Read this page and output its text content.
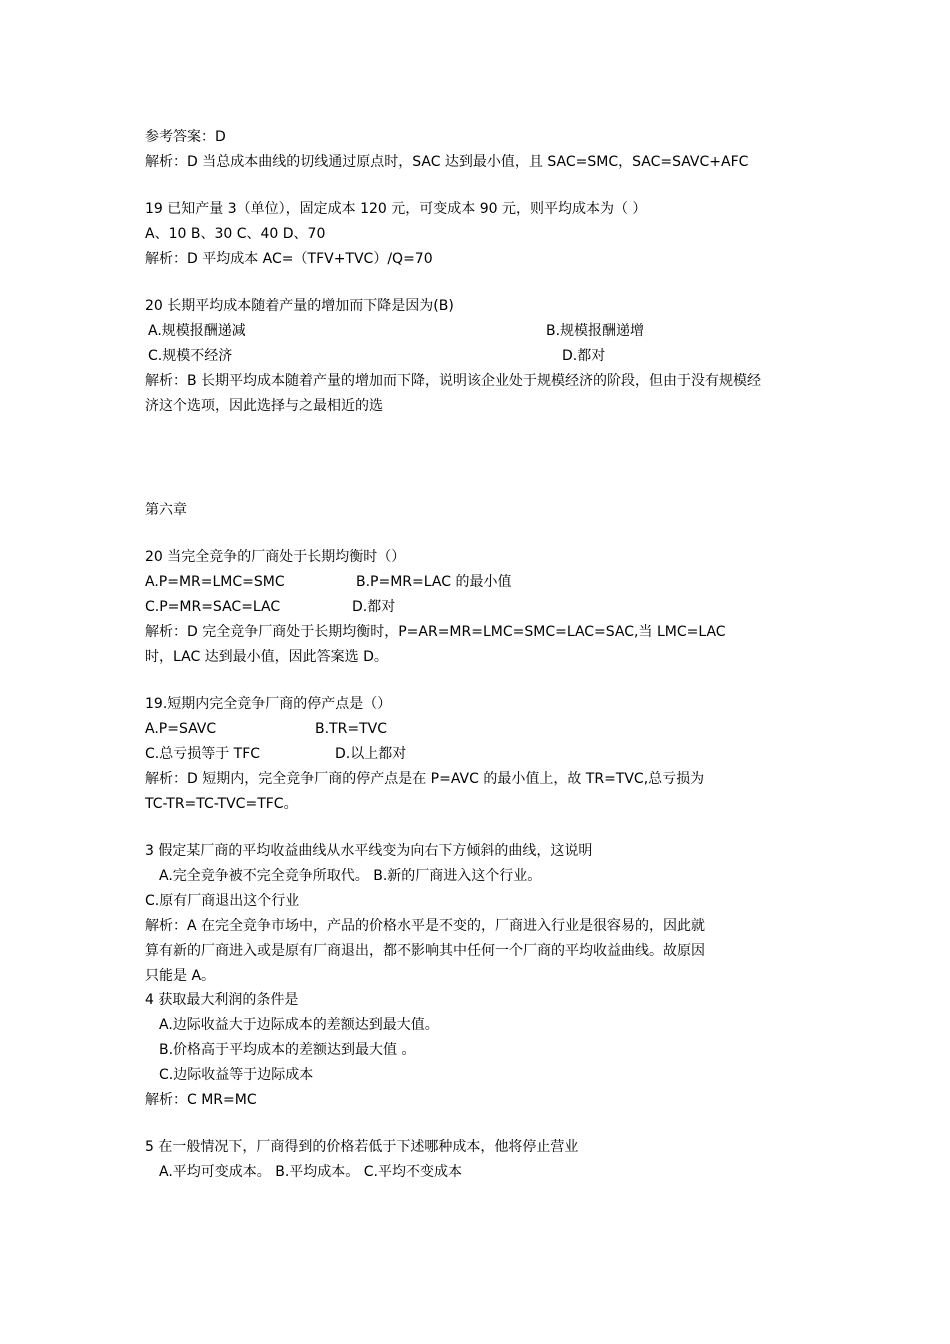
参考答案：D
解析：D 当总成本曲线的切线通过原点时，SAC 达到最小值，且 SAC=SMC，SAC=SAVC+AFC
19 已知产量 3（单位），固定成本 120 元，可变成本 90 元，则平均成本为（ ）
A、10 B、30 C、40 D、70
解析：D 平均成本 AC=（TFV+TVC）/Q=70
20 长期平均成本随着产量的增加而下降是因为(B)
A.规模报酬递减	B.规模报酬递增
C.规模不经济	D.都对
解析：B 长期平均成本随着产量的增加而下降，说明该企业处于规模经济的阶段，但由于没有规模经
济这个选项，因此选择与之最相近的选
第六章
20 当完全竞争的厂商处于长期均衡时（）
A.P=MR=LMC=SMC	B.P=MR=LAC 的最小值
C.P=MR=SAC=LAC	D.都对
解析：D 完全竞争厂商处于长期均衡时，P=AR=MR=LMC=SMC=LAC=SAC,当 LMC=LAC
时，LAC 达到最小值，因此答案选 D。
19.短期内完全竞争厂商的停产点是（）
A.P=SAVC	B.TR=TVC
C.总亏损等于 TFC	D.以上都对
解析：D 短期内，完全竞争厂商的停产点是在 P=AVC 的最小值上，故 TR=TVC,总亏损为
TC-TR=TC-TVC=TFC。
3 假定某厂商的平均收益曲线从水平线变为向右下方倾斜的曲线，这说明
A.完全竞争被不完全竞争所取代。 B.新的厂商进入这个行业。
C.原有厂商退出这个行业
解析：A 在完全竞争市场中，产品的价格水平是不变的，厂商进入行业是很容易的，因此就
算有新的厂商进入或是原有厂商退出，都不影响其中任何一个厂商的平均收益曲线。故原因
只能是 A。
4 获取最大利润的条件是
A.边际收益大于边际成本的差额达到最大值。
B.价格高于平均成本的差额达到最大值 。
C.边际收益等于边际成本
解析：C MR=MC
5 在一般情况下，厂商得到的价格若低于下述哪种成本，他将停止营业
A.平均可变成本。 B.平均成本。 C.平均不变成本
